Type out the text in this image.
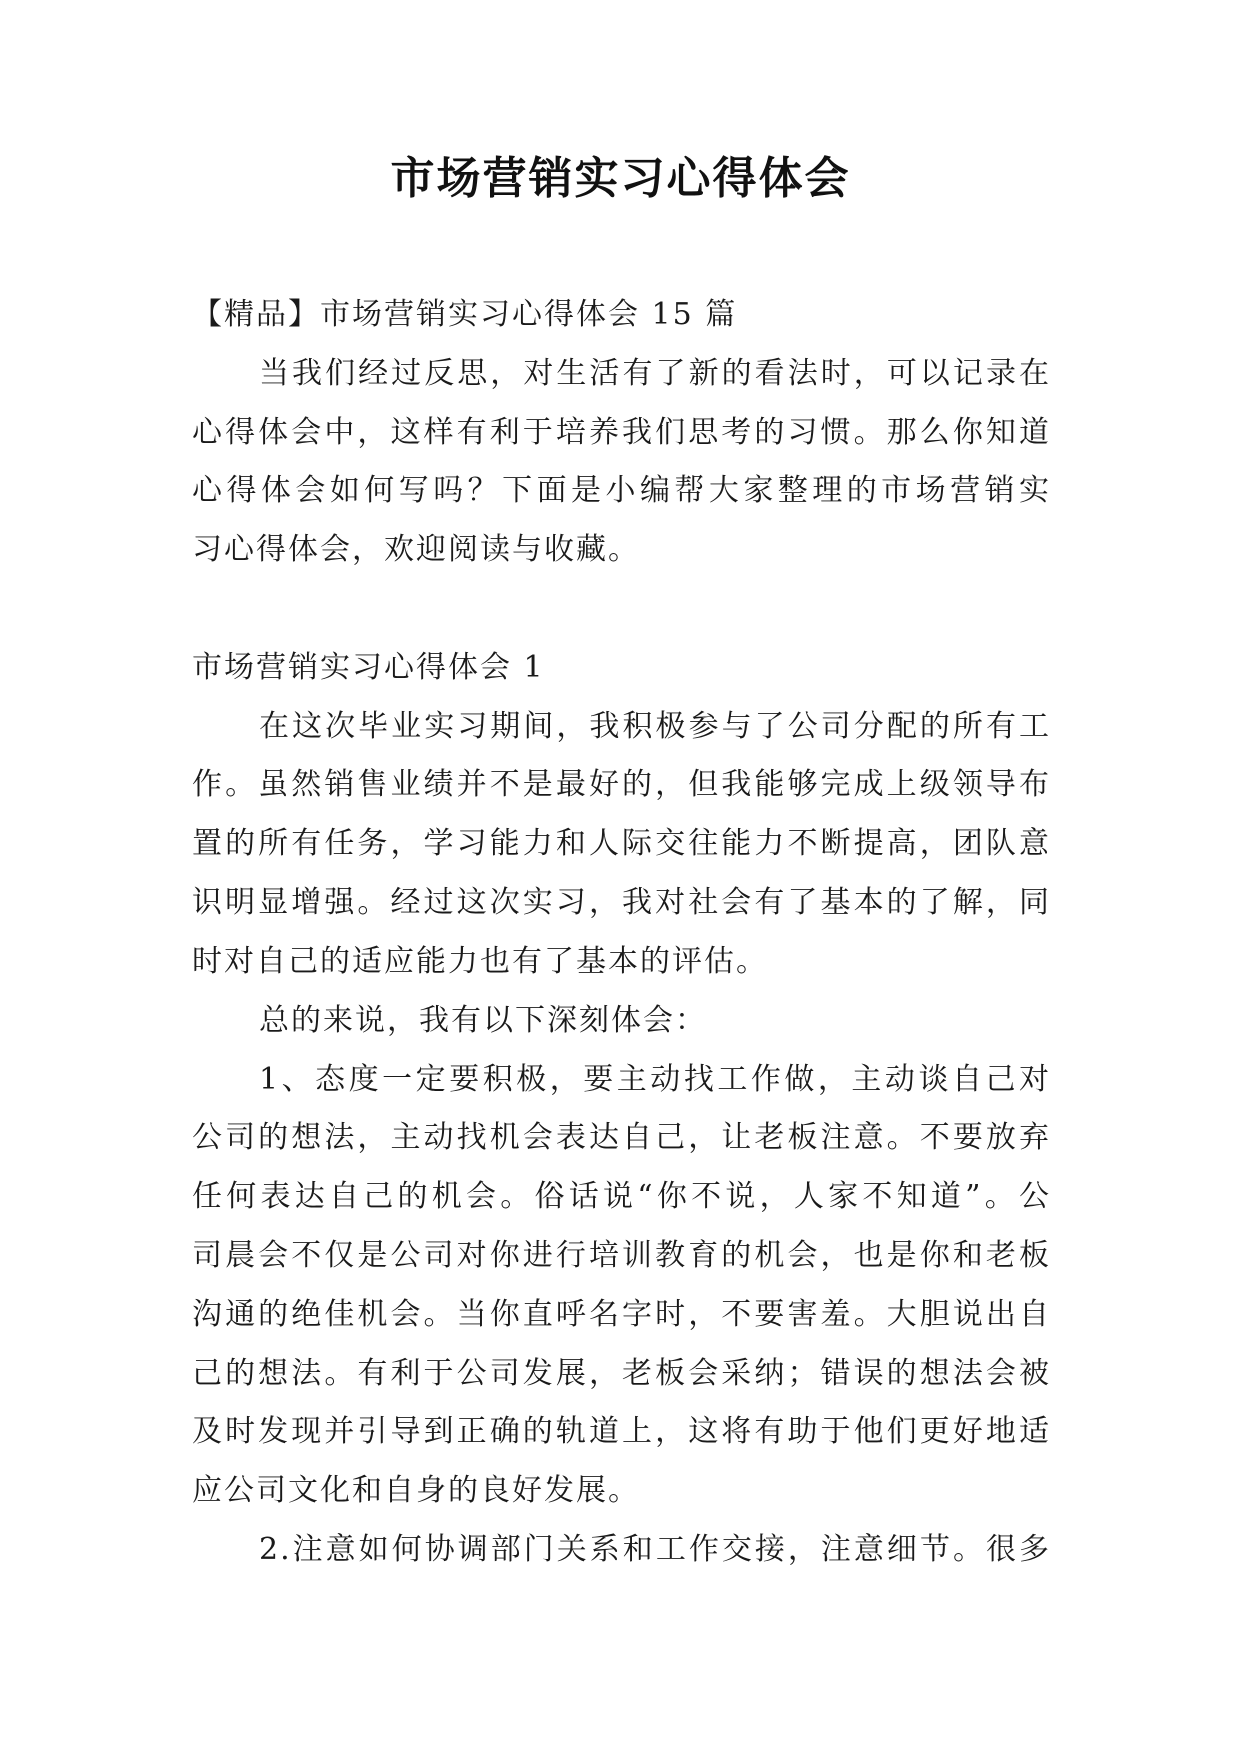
市场营销实习心得体会
【精品】市场营销实习心得体会 15 篇
当我们经过反思，对生活有了新的看法时，可以记录在
心得体会中，这样有利于培养我们思考的习惯。那么你知道
心得体会如何写吗？下面是小编帮大家整理的市场营销实
习心得体会，欢迎阅读与收藏。
市场营销实习心得体会 1
在这次毕业实习期间，我积极参与了公司分配的所有工
作。虽然销售业绩并不是最好的，但我能够完成上级领导布
置的所有任务，学习能力和人际交往能力不断提高，团队意
识明显增强。经过这次实习，我对社会有了基本的了解，同
时对自己的适应能力也有了基本的评估。
总的来说，我有以下深刻体会：
1、态度一定要积极，要主动找工作做，主动谈自己对
公司的想法，主动找机会表达自己，让老板注意。不要放弃
任何表达自己的机会。俗话说“你不说，人家不知道”。公
司晨会不仅是公司对你进行培训教育的机会，也是你和老板
沟通的绝佳机会。当你直呼名字时，不要害羞。大胆说出自
己的想法。有利于公司发展，老板会采纳；错误的想法会被
及时发现并引导到正确的轨道上，这将有助于他们更好地适
应公司文化和自身的良好发展。
2.注意如何协调部门关系和工作交接，注意细节。很多
